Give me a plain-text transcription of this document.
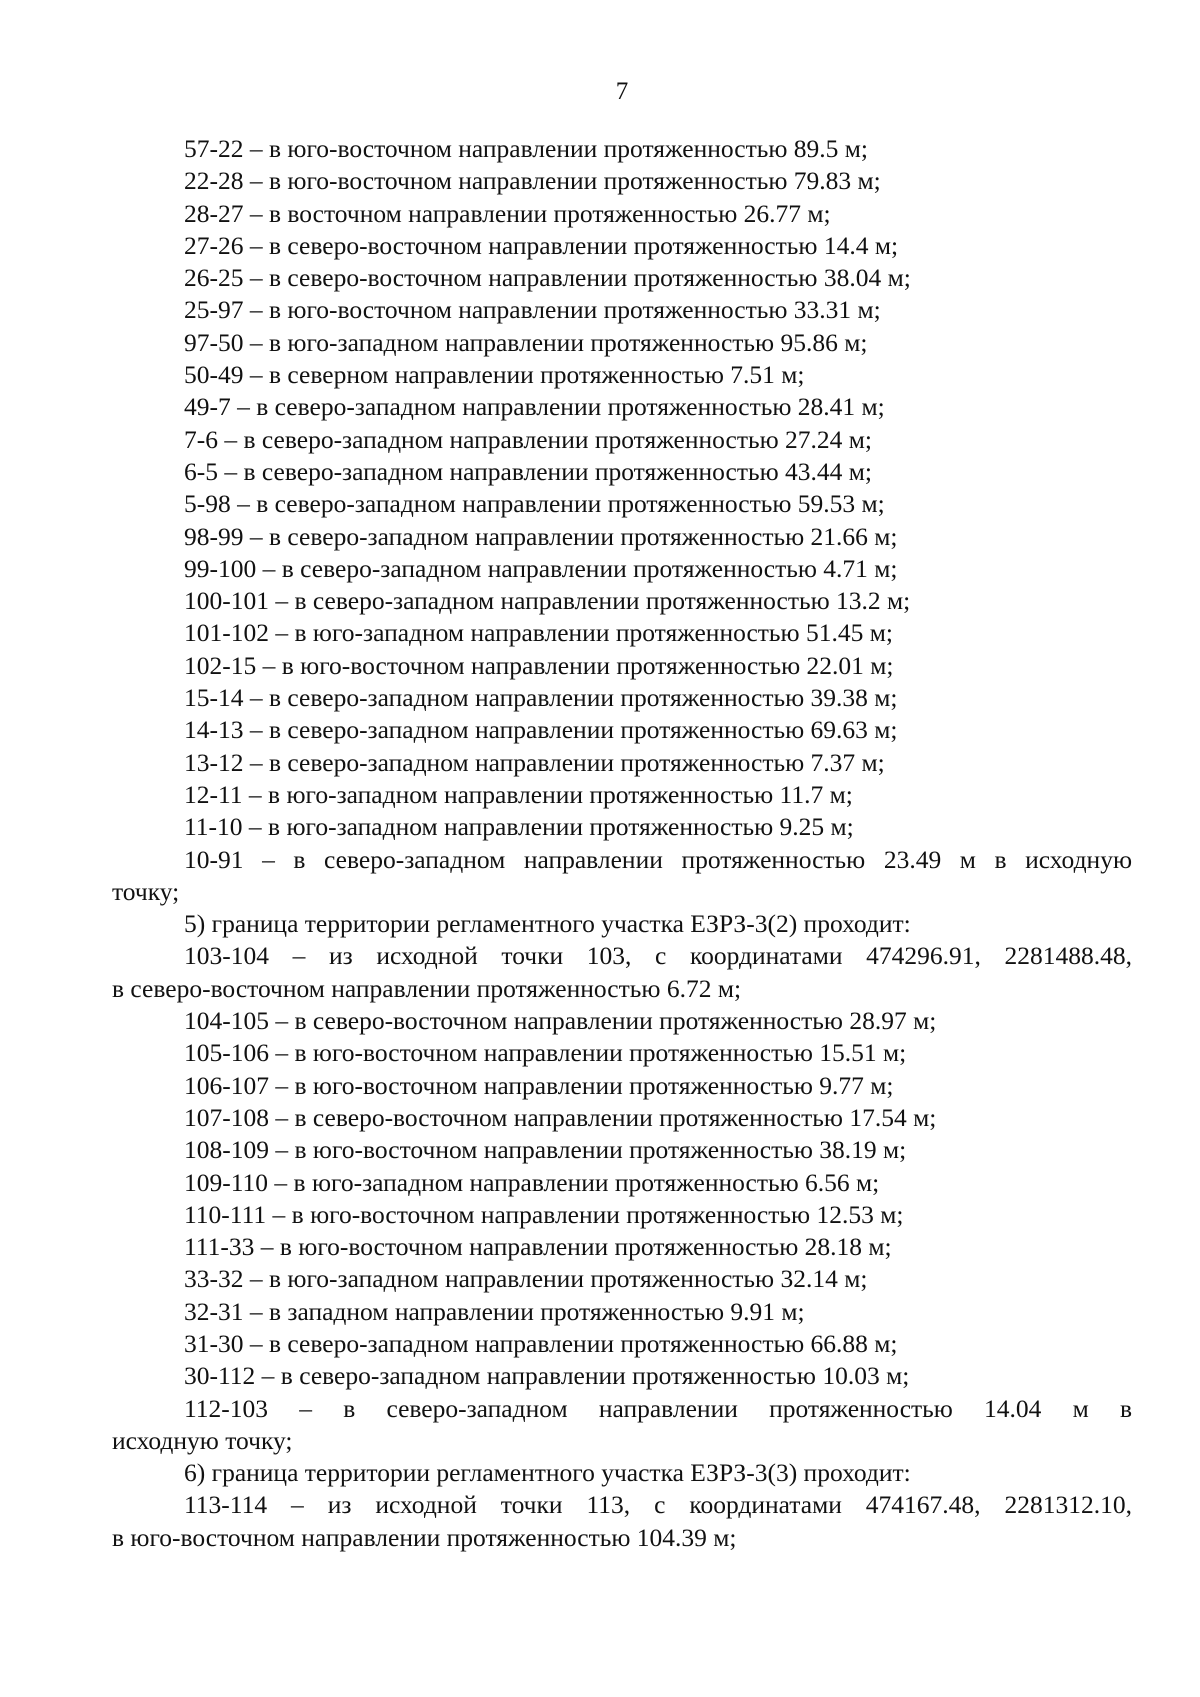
7
57-22 – в юго-восточном направлении протяженностью 89.5 м;
22-28 – в юго-восточном направлении протяженностью 79.83 м;
28-27 – в восточном направлении протяженностью 26.77 м;
27-26 – в северо-восточном направлении протяженностью 14.4 м;
26-25 – в северо-восточном направлении протяженностью 38.04 м;
25-97 – в юго-восточном направлении протяженностью 33.31 м;
97-50 – в юго-западном направлении протяженностью 95.86 м;
50-49 – в северном направлении протяженностью 7.51 м;
49-7 – в северо-западном направлении протяженностью 28.41 м;
7-6 – в северо-западном направлении протяженностью 27.24 м;
6-5 – в северо-западном направлении протяженностью 43.44 м;
5-98 – в северо-западном направлении протяженностью 59.53 м;
98-99 – в северо-западном направлении протяженностью 21.66 м;
99-100 – в северо-западном направлении протяженностью 4.71 м;
100-101 – в северо-западном направлении протяженностью 13.2 м;
101-102 – в юго-западном направлении протяженностью 51.45 м;
102-15 – в юго-восточном направлении протяженностью 22.01 м;
15-14 – в северо-западном направлении протяженностью 39.38 м;
14-13 – в северо-западном направлении протяженностью 69.63 м;
13-12 – в северо-западном направлении протяженностью 7.37 м;
12-11 – в юго-западном направлении протяженностью 11.7 м;
11-10 – в юго-западном направлении протяженностью 9.25 м;
10-91 – в северо-западном направлении протяженностью 23.49 м в исходную
точку;
5) граница территории регламентного участка ЕЗРЗ-3(2) проходит:
103-104 – из исходной точки 103, с координатами 474296.91, 2281488.48,
в северо-восточном направлении протяженностью 6.72 м;
104-105 – в северо-восточном направлении протяженностью 28.97 м;
105-106 – в юго-восточном направлении протяженностью 15.51 м;
106-107 – в юго-восточном направлении протяженностью 9.77 м;
107-108 – в северо-восточном направлении протяженностью 17.54 м;
108-109 – в юго-восточном направлении протяженностью 38.19 м;
109-110 – в юго-западном направлении протяженностью 6.56 м;
110-111 – в юго-восточном направлении протяженностью 12.53 м;
111-33 – в юго-восточном направлении протяженностью 28.18 м;
33-32 – в юго-западном направлении протяженностью 32.14 м;
32-31 – в западном направлении протяженностью 9.91 м;
31-30 – в северо-западном направлении протяженностью 66.88 м;
30-112 – в северо-западном направлении протяженностью 10.03 м;
112-103 – в северо-западном направлении протяженностью 14.04 м в
исходную точку;
6) граница территории регламентного участка ЕЗРЗ-3(3) проходит:
113-114 – из исходной точки 113, с координатами 474167.48, 2281312.10,
в юго-восточном направлении протяженностью 104.39 м;
